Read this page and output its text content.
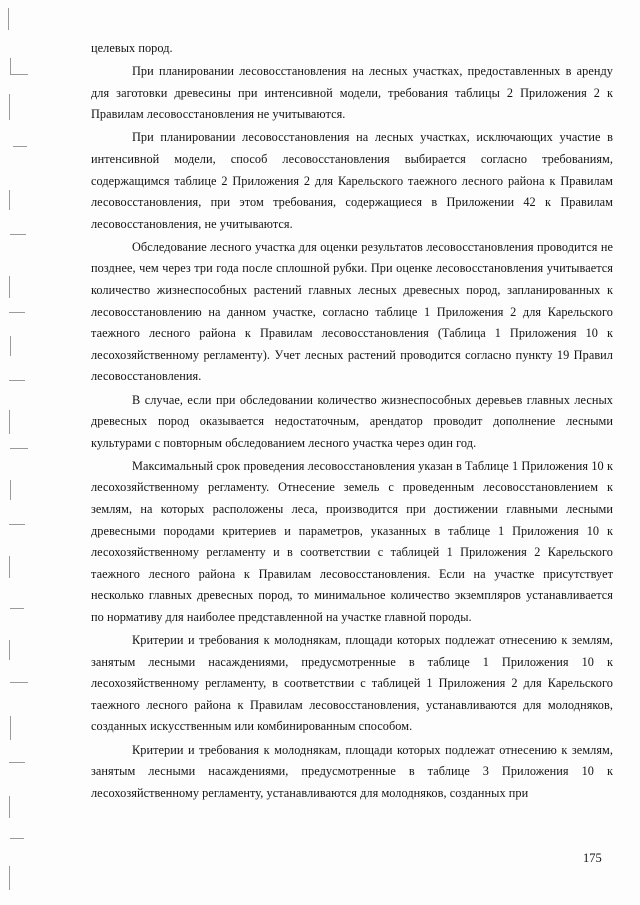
целевых пород.

При планировании лесовосстановления на лесных участках, предоставленных в аренду для заготовки древесины при интенсивной модели, требования таблицы 2 Приложения 2 к Правилам лесовосстановления не учитываются.

При планировании лесовосстановления на лесных участках, исключающих участие в интенсивной модели, способ лесовосстановления выбирается согласно требованиям, содержащимся таблице 2 Приложения 2 для Карельского таежного лесного района к Правилам лесовосстановления, при этом требования, содержащиеся в Приложении 42 к Правилам лесовосстановления, не учитываются.

Обследование лесного участка для оценки результатов лесовосстановления проводится не позднее, чем через три года после сплошной рубки. При оценке лесовосстановления учитывается количество жизнеспособных растений главных лесных древесных пород, запланированных к лесовосстановлению на данном участке, согласно таблице 1 Приложения 2 для Карельского таежного лесного района к Правилам лесовосстановления (Таблица 1 Приложения 10 к лесохозяйственному регламенту). Учет лесных растений проводится согласно пункту 19 Правил лесовосстановления.

В случае, если при обследовании количество жизнеспособных деревьев главных лесных древесных пород оказывается недостаточным, арендатор проводит дополнение лесными культурами с повторным обследованием лесного участка через один год.

Максимальный срок проведения лесовосстановления указан в Таблице 1 Приложения 10 к лесохозяйственному регламенту. Отнесение земель с проведенным лесовосстановлением к землям, на которых расположены леса, производится при достижении главными лесными древесными породами критериев и параметров, указанных в таблице 1 Приложения 10 к лесохозяйственному регламенту и в соответствии с таблицей 1 Приложения 2 Карельского таежного лесного района к Правилам лесовосстановления. Если на участке присутствует несколько главных древесных пород, то минимальное количество экземпляров устанавливается по нормативу для наиболее представленной на участке главной породы.

Критерии и требования к молоднякам, площади которых подлежат отнесению к землям, занятым лесными насаждениями, предусмотренные в таблице 1 Приложения 10 к лесохозяйственному регламенту, в соответствии с таблицей 1 Приложения 2 для Карельского таежного лесного района к Правилам лесовосстановления, устанавливаются для молодняков, созданных искусственным или комбинированным способом.

Критерии и требования к молоднякам, площади которых подлежат отнесению к землям, занятым лесными насаждениями, предусмотренные в таблице 3 Приложения 10 к лесохозяйственному регламенту, устанавливаются для молодняков, созданных при

175
